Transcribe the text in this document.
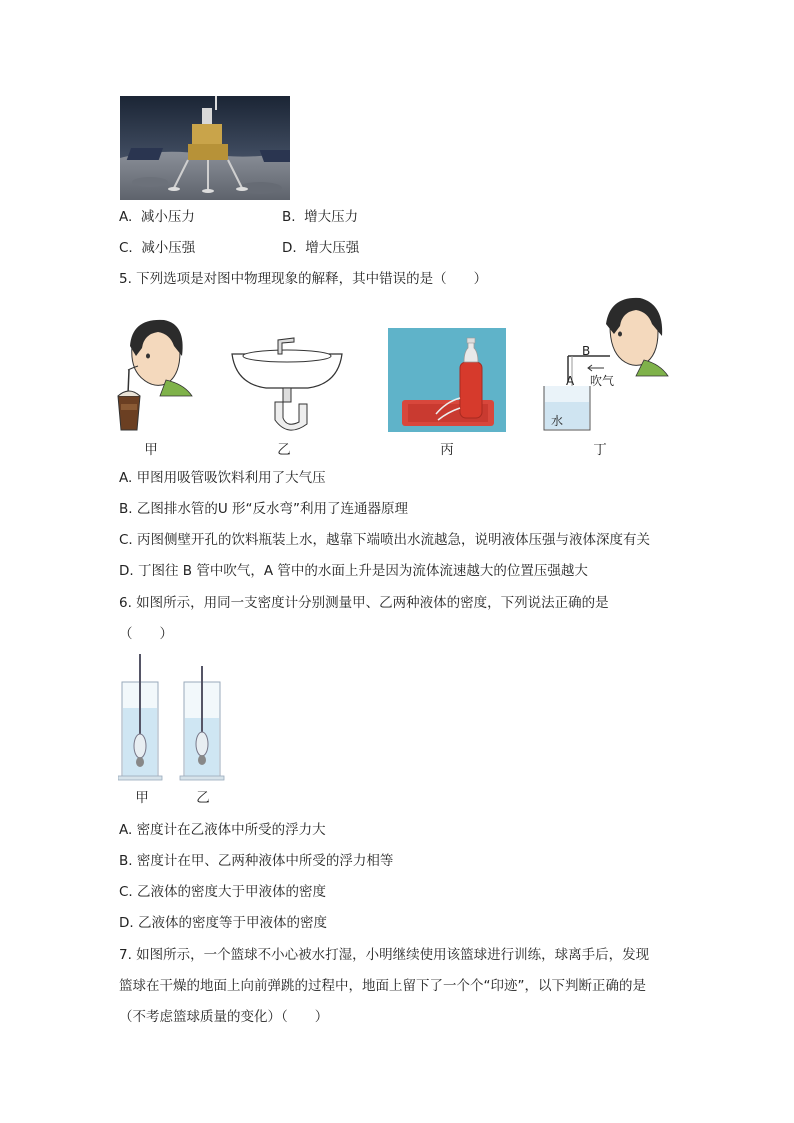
A. 减小压力	B. 增大压力
C. 减小压强	D. 增大压强
5. 下列选项是对图中物理现象的解释，其中错误的是（　　）
甲	乙	丙
B
A 吹气
水
丁
A. 甲图用吸管吸饮料利用了大气压
B. 乙图排水管的U 形“反水弯”利用了连通器原理
C. 丙图侧壁开孔的饮料瓶装上水，越靠下端喷出水流越急，说明液体压强与液体深度有关
D. 丁图往 B 管中吹气，A 管中的水面上升是因为流体流速越大的位置压强越大
6. 如图所示，用同一支密度计分别测量甲、乙两种液体的密度，下列说法正确的是
（　　）
甲	乙
A. 密度计在乙液体中所受的浮力大
B. 密度计在甲、乙两种液体中所受的浮力相等
C. 乙液体的密度大于甲液体的密度
D. 乙液体的密度等于甲液体的密度
7. 如图所示，一个篮球不小心被水打湿，小明继续使用该篮球进行训练，球离手后，发现
篮球在干燥的地面上向前弹跳的过程中，地面上留下了一个个“印迹”，以下判断正确的是
（不考虑篮球质量的变化）（　　）
